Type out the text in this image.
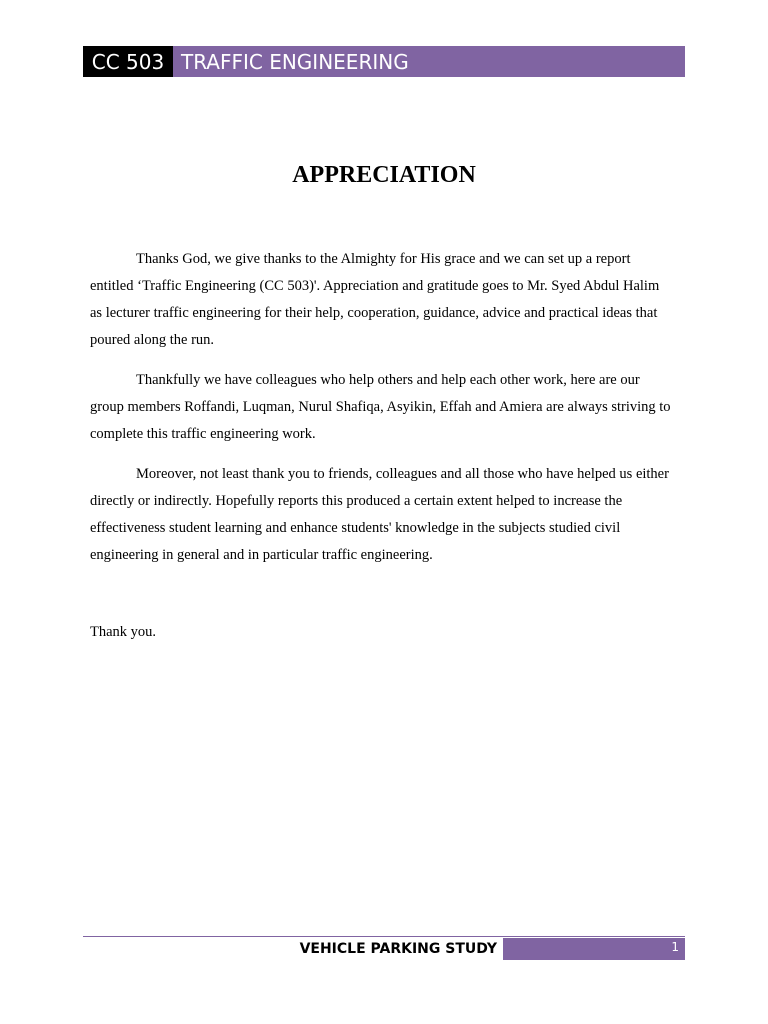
CC 503 TRAFFIC ENGINEERING
APPRECIATION

Thanks God, we give thanks to the Almighty for His grace and we can set up a report entitled ‘Traffic Engineering (CC 503)'. Appreciation and gratitude goes to Mr. Syed Abdul Halim as lecturer traffic engineering for their help, cooperation, guidance, advice and practical ideas that poured along the run.

Thankfully we have colleagues who help others and help each other work, here are our group members Roffandi, Luqman, Nurul Shafiqa, Asyikin, Effah and Amiera are always striving to complete this traffic engineering work.

Moreover, not least thank you to friends, colleagues and all those who have helped us either directly or indirectly. Hopefully reports this produced a certain extent helped to increase the effectiveness student learning and enhance students' knowledge in the subjects studied civil engineering in general and in particular traffic engineering.

Thank you.
VEHICLE PARKING STUDY	1
